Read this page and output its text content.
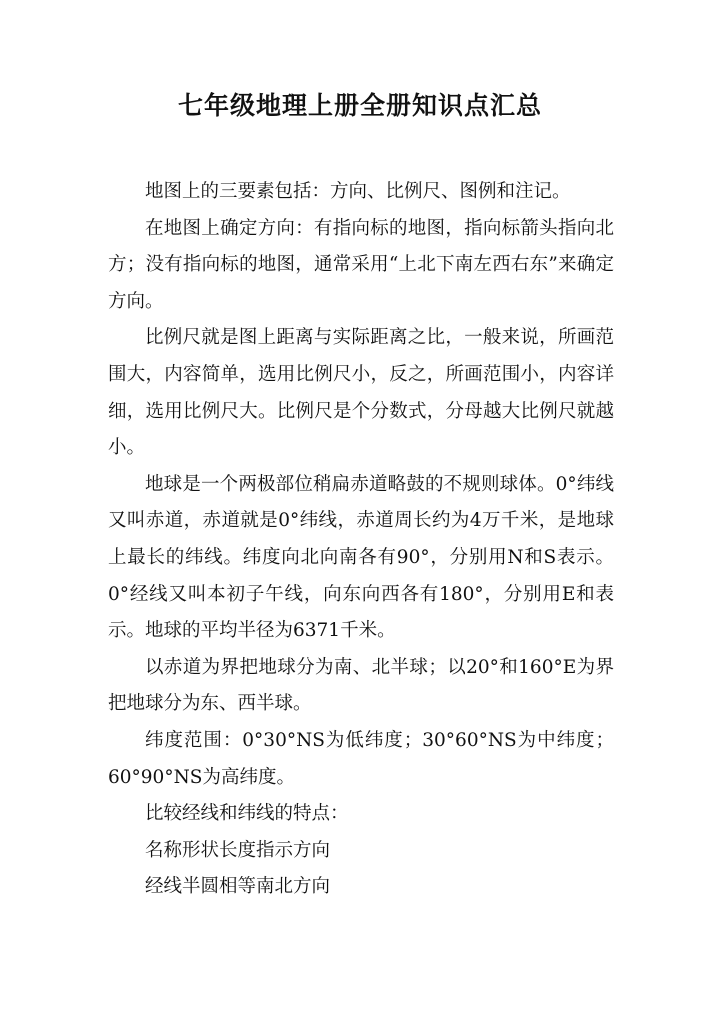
七年级地理上册全册知识点汇总

地图上的三要素包括：方向、比例尺、图例和注记。

在地图上确定方向：有指向标的地图，指向标箭头指向北方；没有指向标的地图，通常采用“上北下南左西右东”来确定方向。

比例尺就是图上距离与实际距离之比，一般来说，所画范围大，内容简单，选用比例尺小，反之，所画范围小，内容详细，选用比例尺大。比例尺是个分数式，分母越大比例尺就越小。

地球是一个两极部位稍扁赤道略鼓的不规则球体。0°纬线又叫赤道，赤道就是0°纬线，赤道周长约为4万千米，是地球上最长的纬线。纬度向北向南各有90°，分别用N和S表示。0°经线又叫本初子午线，向东向西各有180°，分别用E和表示。地球的平均半径为6371千米。

以赤道为界把地球分为南、北半球；以20°和160°E为界把地球分为东、西半球。

纬度范围：0°30°NS为低纬度；30°60°NS为中纬度；60°90°NS为高纬度。

比较经线和纬线的特点：

名称形状长度指示方向

经线半圆相等南北方向
